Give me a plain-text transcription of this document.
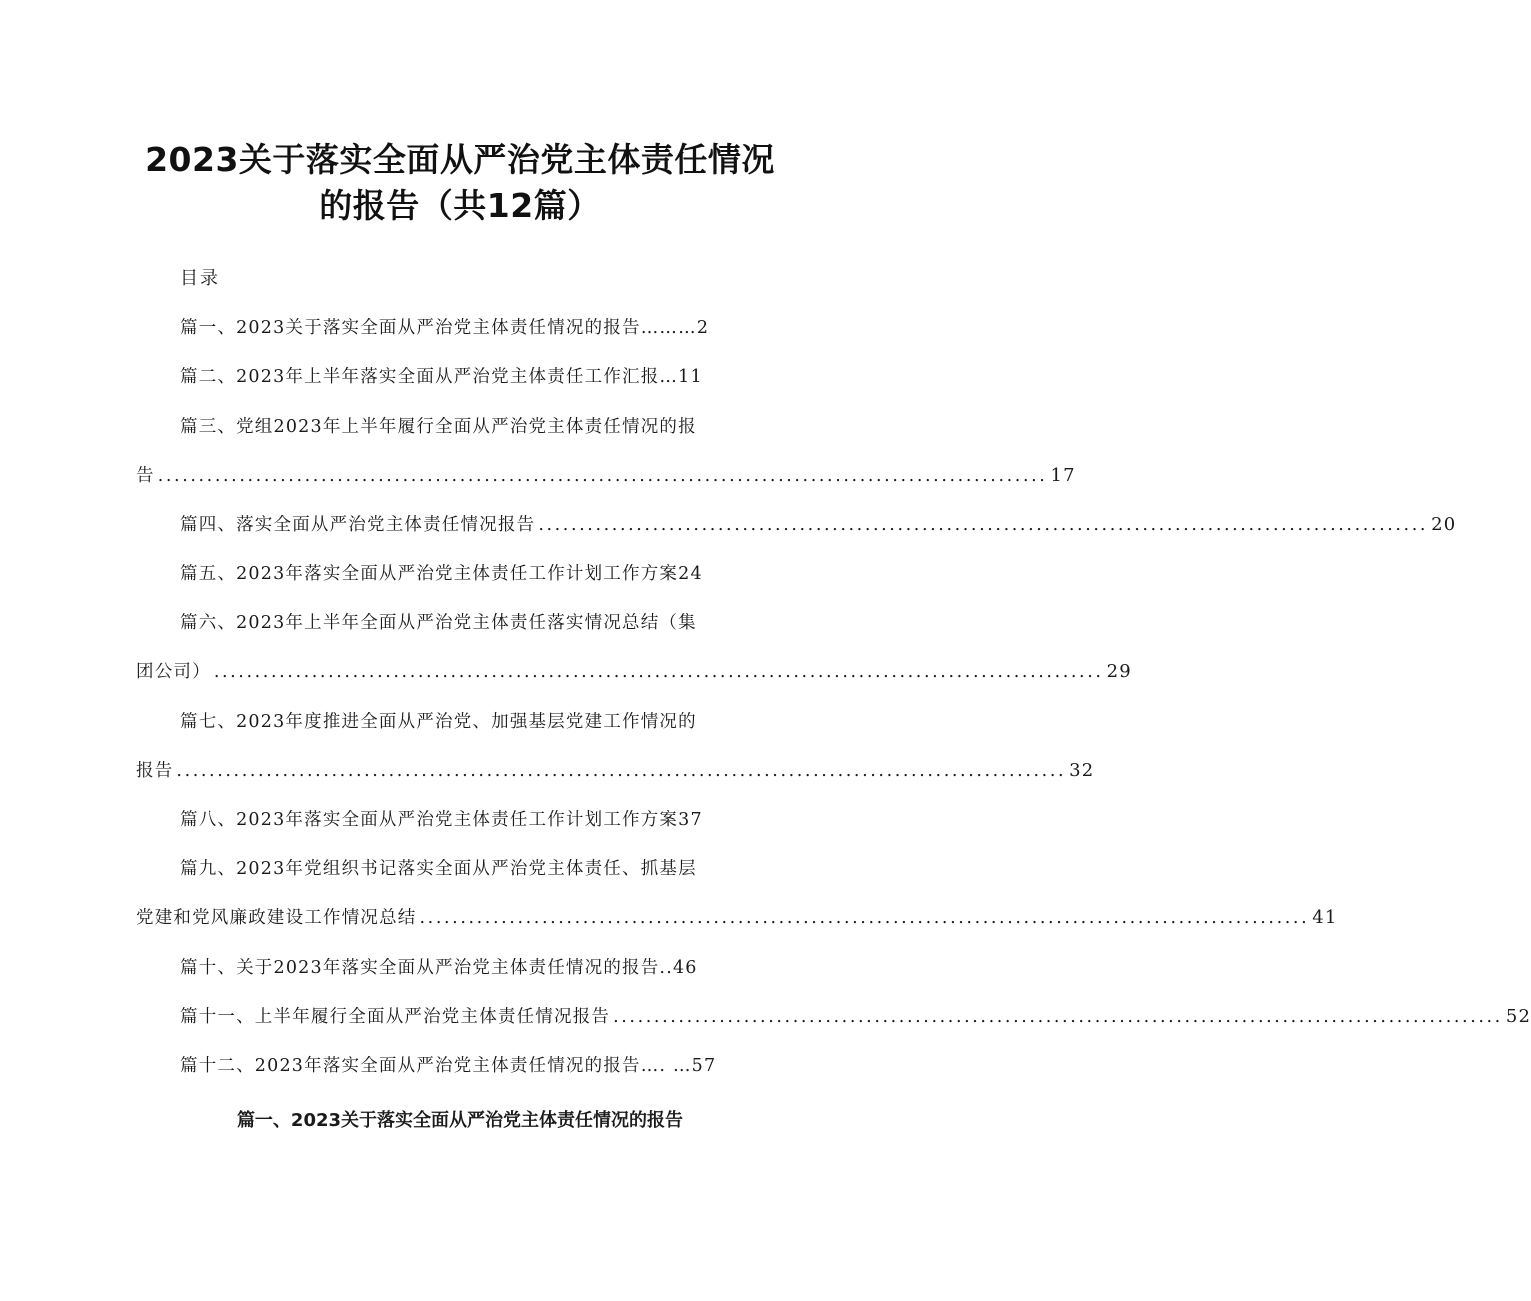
2023关于落实全面从严治党主体责任情况
的报告（共12篇）
目录
篇一、2023关于落实全面从严治党主体责任情况的报告………2
篇二、2023年上半年落实全面从严治党主体责任工作汇报…11
篇三、党组2023年上半年履行全面从严治党主体责任情况的报
告 ............................................................................................................. 17
篇四、落实全面从严治党主体责任情况报告 ............................................................................................................. 20
篇五、2023年落实全面从严治党主体责任工作计划工作方案24
篇六、2023年上半年全面从严治党主体责任落实情况总结（集
团公司） ............................................................................................................. 29
篇七、2023年度推进全面从严治党、加强基层党建工作情况的
报告 ............................................................................................................. 32
篇八、2023年落实全面从严治党主体责任工作计划工作方案37
篇九、2023年党组织书记落实全面从严治党主体责任、抓基层
党建和党风廉政建设工作情况总结 ............................................................................................................. 41
篇十、关于2023年落实全面从严治党主体责任情况的报告..46
篇十一、上半年履行全面从严治党主体责任情况报告 ............................................................................................................. 52
篇十二、2023年落实全面从严治党主体责任情况的报告…. …57
篇一、2023关于落实全面从严治党主体责任情况的报告
